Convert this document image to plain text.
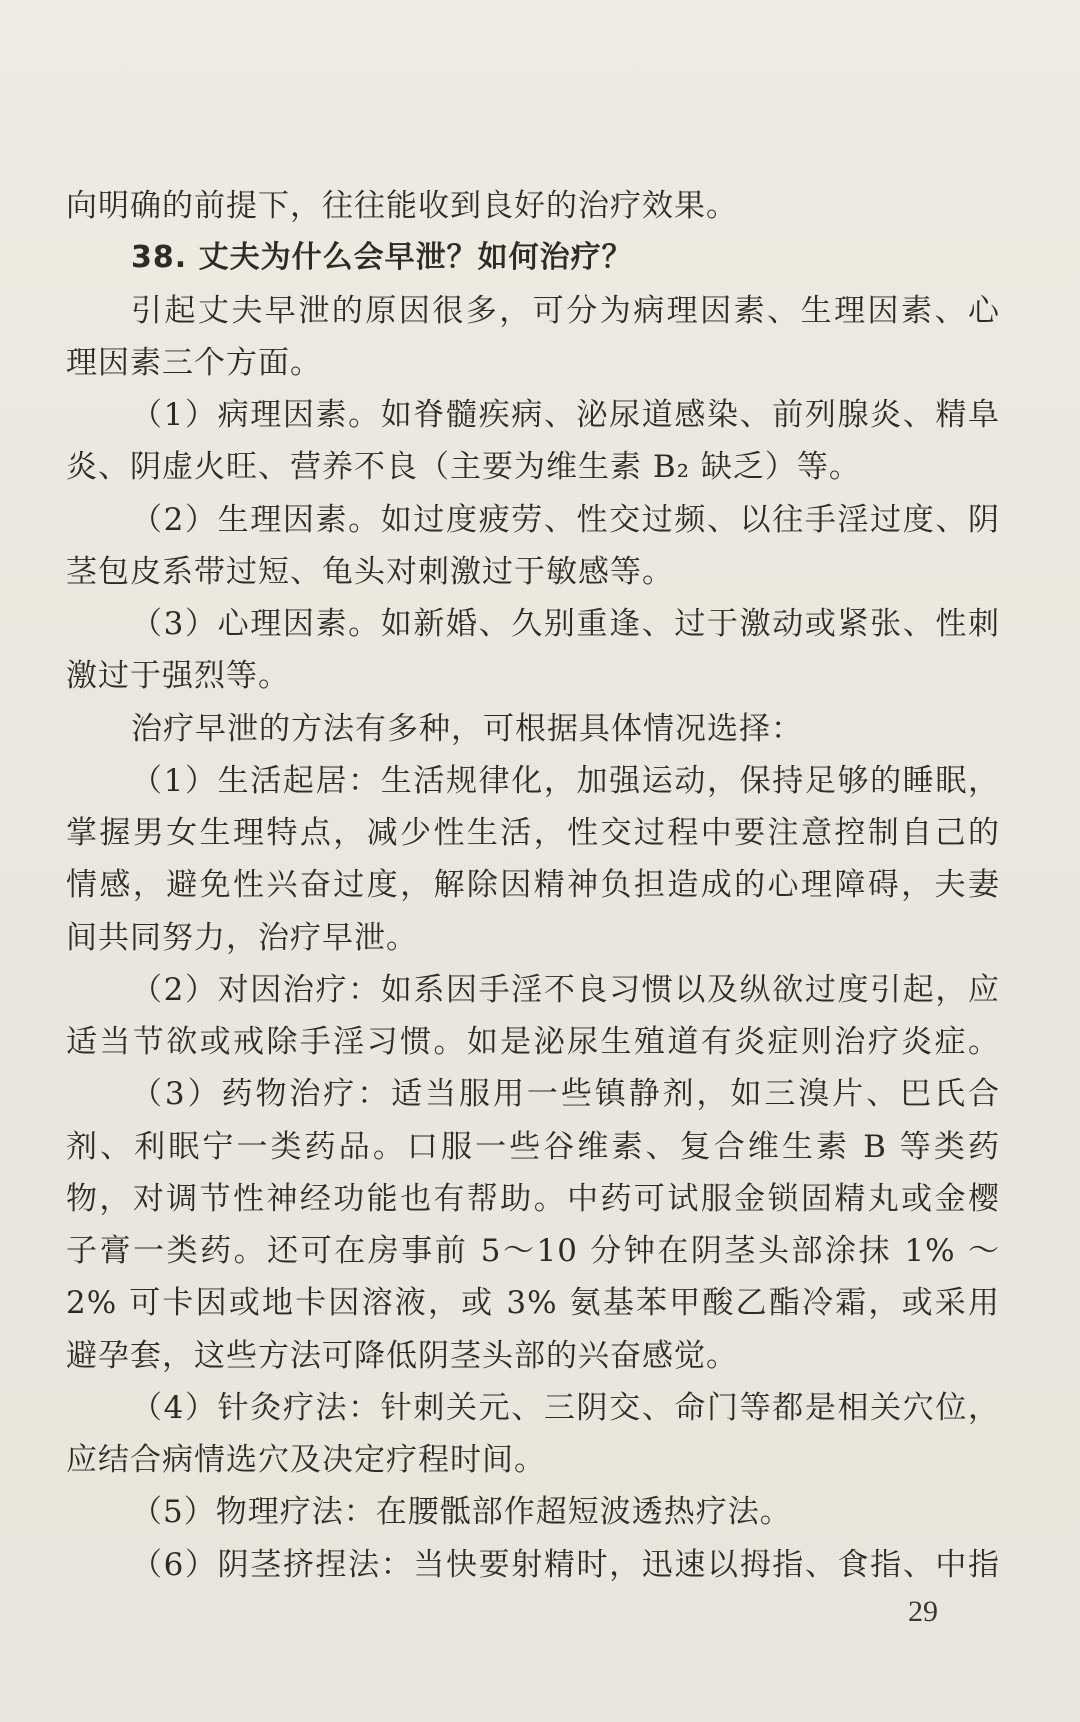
向明确的前提下，往往能收到良好的治疗效果。
38. 丈夫为什么会早泄？如何治疗？
引起丈夫早泄的原因很多，可分为病理因素、生理因素、心
理因素三个方面。
（1）病理因素。如脊髓疾病、泌尿道感染、前列腺炎、精阜
炎、阴虚火旺、营养不良（主要为维生素 B₂ 缺乏）等。
（2）生理因素。如过度疲劳、性交过频、以往手淫过度、阴
茎包皮系带过短、龟头对刺激过于敏感等。
（3）心理因素。如新婚、久别重逢、过于激动或紧张、性刺
激过于强烈等。
治疗早泄的方法有多种，可根据具体情况选择：
（1）生活起居：生活规律化，加强运动，保持足够的睡眠，
掌握男女生理特点，减少性生活，性交过程中要注意控制自己的
情感，避免性兴奋过度，解除因精神负担造成的心理障碍，夫妻
间共同努力，治疗早泄。
（2）对因治疗：如系因手淫不良习惯以及纵欲过度引起，应
适当节欲或戒除手淫习惯。如是泌尿生殖道有炎症则治疗炎症。
（3）药物治疗：适当服用一些镇静剂，如三溴片、巴氏合
剂、利眠宁一类药品。口服一些谷维素、复合维生素 B 等类药
物，对调节性神经功能也有帮助。中药可试服金锁固精丸或金樱
子膏一类药。还可在房事前 5～10 分钟在阴茎头部涂抹 1% ～
2% 可卡因或地卡因溶液，或 3% 氨基苯甲酸乙酯冷霜，或采用
避孕套，这些方法可降低阴茎头部的兴奋感觉。
（4）针灸疗法：针刺关元、三阴交、命门等都是相关穴位，
应结合病情选穴及决定疗程时间。
（5）物理疗法：在腰骶部作超短波透热疗法。
（6）阴茎挤捏法：当快要射精时，迅速以拇指、食指、中指
29
